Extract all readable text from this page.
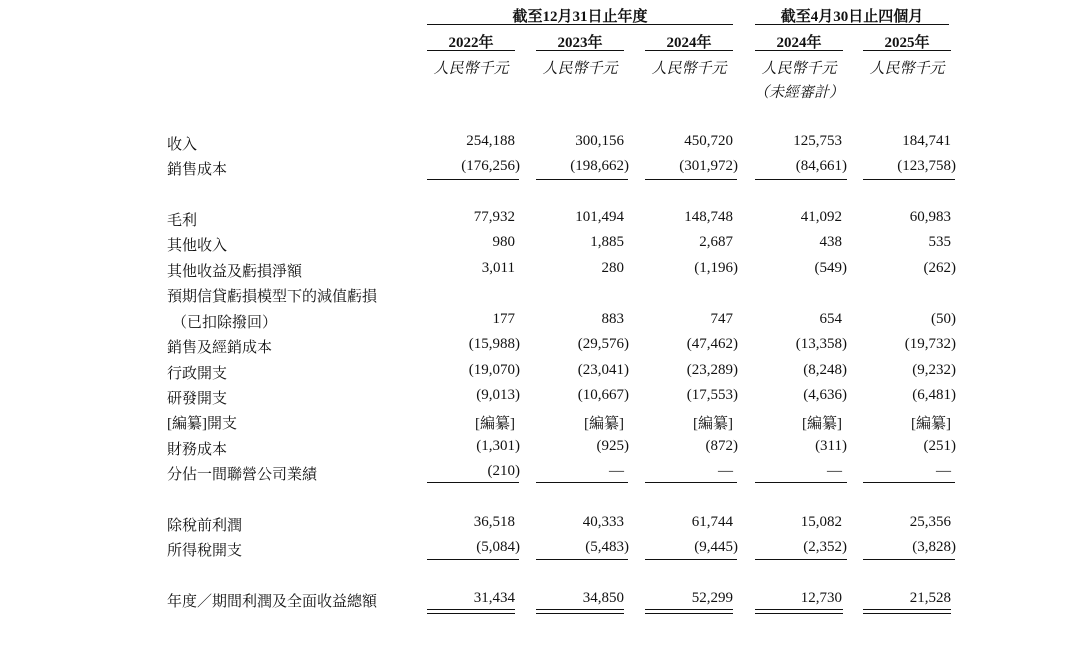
截至12月31日止年度	截至4月30日止四個月
2022年	2023年	2024年	2024年	2025年
人民幣千元	人民幣千元	人民幣千元	人民幣千元	人民幣千元
（未經審計）
收入	254,188	300,156	450,720	125,753	184,741
銷售成本	(176,256)	(198,662)	(301,972)	(84,661)	(123,758)
毛利	77,932	101,494	148,748	41,092	60,983
其他收入	980	1,885	2,687	438	535
其他收益及虧損淨額	3,011	280	(1,196)	(549)	(262)
預期信貸虧損模型下的減值虧損
（已扣除撥回）	177	883	747	654	(50)
銷售及經銷成本	(15,988)	(29,576)	(47,462)	(13,358)	(19,732)
行政開支	(19,070)	(23,041)	(23,289)	(8,248)	(9,232)
研發開支	(9,013)	(10,667)	(17,553)	(4,636)	(6,481)
[編纂]開支	[編纂]	[編纂]	[編纂]	[編纂]	[編纂]
財務成本	(1,301)	(925)	(872)	(311)	(251)
分佔一間聯營公司業績	(210)	—	—	—	—
除稅前利潤	36,518	40,333	61,744	15,082	25,356
所得稅開支	(5,084)	(5,483)	(9,445)	(2,352)	(3,828)
年度／期間利潤及全面收益總額	31,434	34,850	52,299	12,730	21,528
